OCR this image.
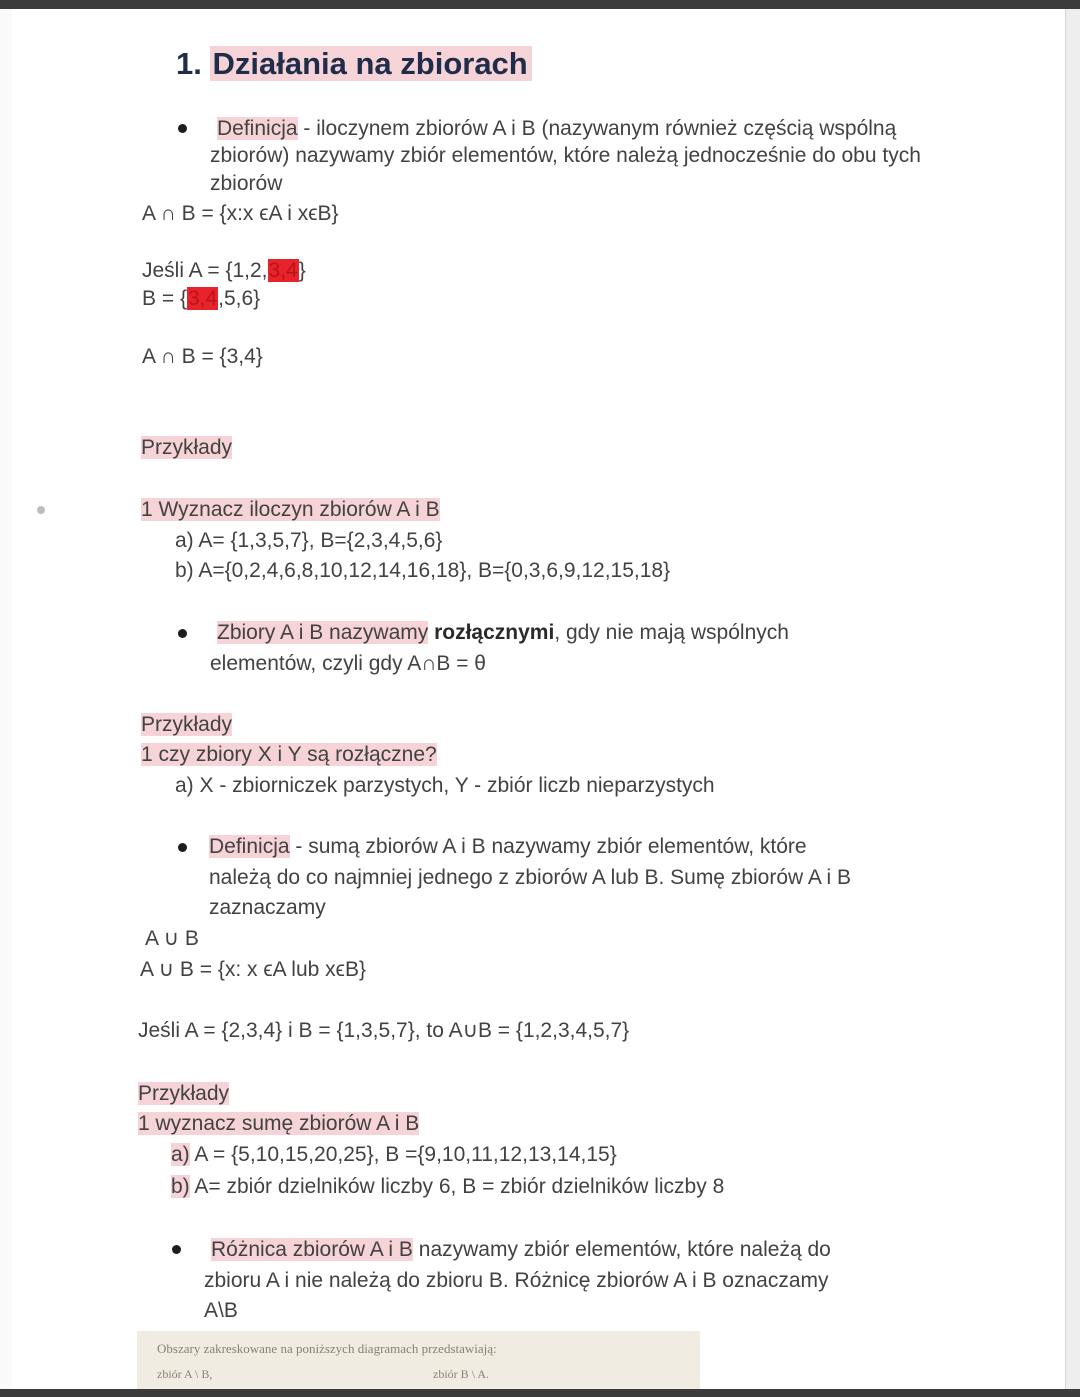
1. Działania na zbiorach
Definicja - iloczynem zbiorów A i B (nazywanym również częścią wspólną
zbiorów) nazywamy zbiór elementów, które należą jednocześnie do obu tych
zbiorów
A ∩ B = {x:x ϵA i xϵB}
Jeśli A = {1,2,3,4}
B = {3,4,5,6}
A ∩ B = {3,4}
Przykłady
1 Wyznacz iloczyn zbiorów A i B
a) A= {1,3,5,7}, B={2,3,4,5,6}
b) A={0,2,4,6,8,10,12,14,16,18}, B={0,3,6,9,12,15,18}
Zbiory A i B nazywamy rozłącznymi, gdy nie mają wspólnych
elementów, czyli gdy A∩B = θ
Przykłady
1 czy zbiory X i Y są rozłączne?
a) X - zbiorniczek parzystych, Y - zbiór liczb nieparzystych
Definicja - sumą zbiorów A i B nazywamy zbiór elementów, które
należą do co najmniej jednego z zbiorów A lub B. Sumę zbiorów A i B
zaznaczamy
A ∪ B
A ∪ B = {x: x ϵA lub xϵB}
Jeśli A = {2,3,4} i B = {1,3,5,7}, to A∪B = {1,2,3,4,5,7}
Przykłady
1 wyznacz sumę zbiorów A i B
a) A = {5,10,15,20,25}, B ={9,10,11,12,13,14,15}
b) A= zbiór dzielników liczby 6, B = zbiór dzielników liczby 8
Różnica zbiorów A i B nazywamy zbiór elementów, które należą do
zbioru A i nie należą do zbioru B. Różnicę zbiorów A i B oznaczamy
A\B
Obszary zakreskowane na poniższych diagramach przedstawiają:
zbiór A \ B,	zbiór B \ A.
